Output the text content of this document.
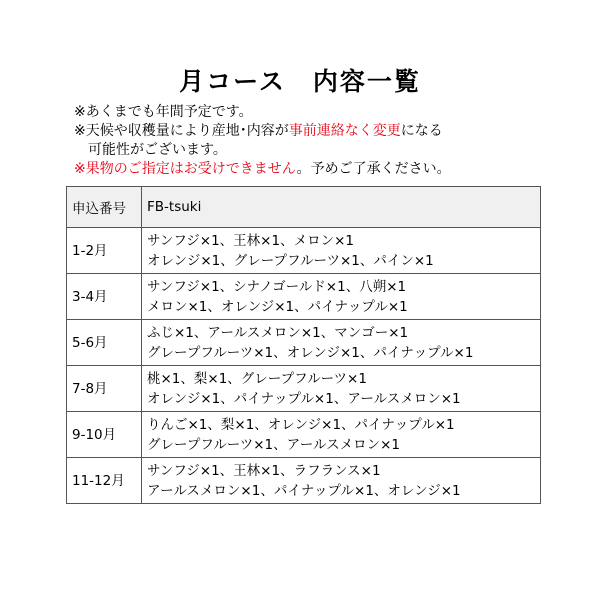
月コース　内容一覧
※あくまでも年間予定です。
※天候や収穫量により産地･内容が事前連絡なく変更になる
可能性がございます。
※果物のご指定はお受けできません。予めご了承ください。
申込番号	FB-tsuki
1-2月	サンフジ×1、王林×1、メロン×1
オレンジ×1、グレープフルーツ×1、パイン×1

3-4月	サンフジ×1、シナノゴールド×1、八朔×1
メロン×1、オレンジ×1、パイナップル×1

5-6月	ふじ×1、アールスメロン×1、マンゴー×1
グレープフルーツ×1、オレンジ×1、パイナップル×1

7-8月	桃×1、梨×1、グレープフルーツ×1
オレンジ×1、パイナップル×1、アールスメロン×1

9-10月	りんご×1、梨×1、オレンジ×1、パイナップル×1
グレープフルーツ×1、アールスメロン×1

11-12月	サンフジ×1、王林×1、ラフランス×1
アールスメロン×1、パイナップル×1、オレンジ×1
